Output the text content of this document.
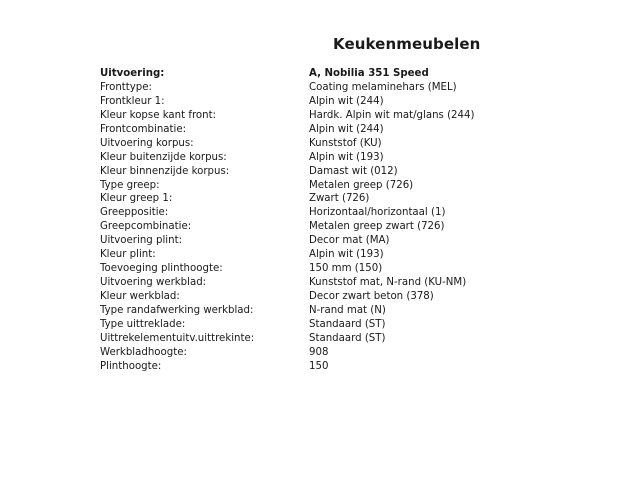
Keukenmeubelen
Uitvoering:	A, Nobilia 351 Speed
Fronttype:	Coating melaminehars (MEL)
Frontkleur 1:	Alpin wit (244)
Kleur kopse kant front:	Hardk. Alpin wit mat/glans (244)
Frontcombinatie:	Alpin wit (244)
Uitvoering korpus:	Kunststof (KU)
Kleur buitenzijde korpus:	Alpin wit (193)
Kleur binnenzijde korpus:	Damast wit (012)
Type greep:	Metalen greep (726)
Kleur greep 1:	Zwart (726)
Greeppositie:	Horizontaal/horizontaal (1)
Greepcombinatie:	Metalen greep zwart (726)
Uitvoering plint:	Decor mat (MA)
Kleur plint:	Alpin wit (193)
Toevoeging plinthoogte:	150 mm (150)
Uitvoering werkblad:	Kunststof mat, N-rand (KU-NM)
Kleur werkblad:	Decor zwart beton (378)
Type randafwerking werkblad:	N-rand mat (N)
Type uittreklade:	Standaard (ST)
Uittrekelementuitv.uittrekinte:	Standaard (ST)
Werkbladhoogte:	908
Plinthoogte:	150
